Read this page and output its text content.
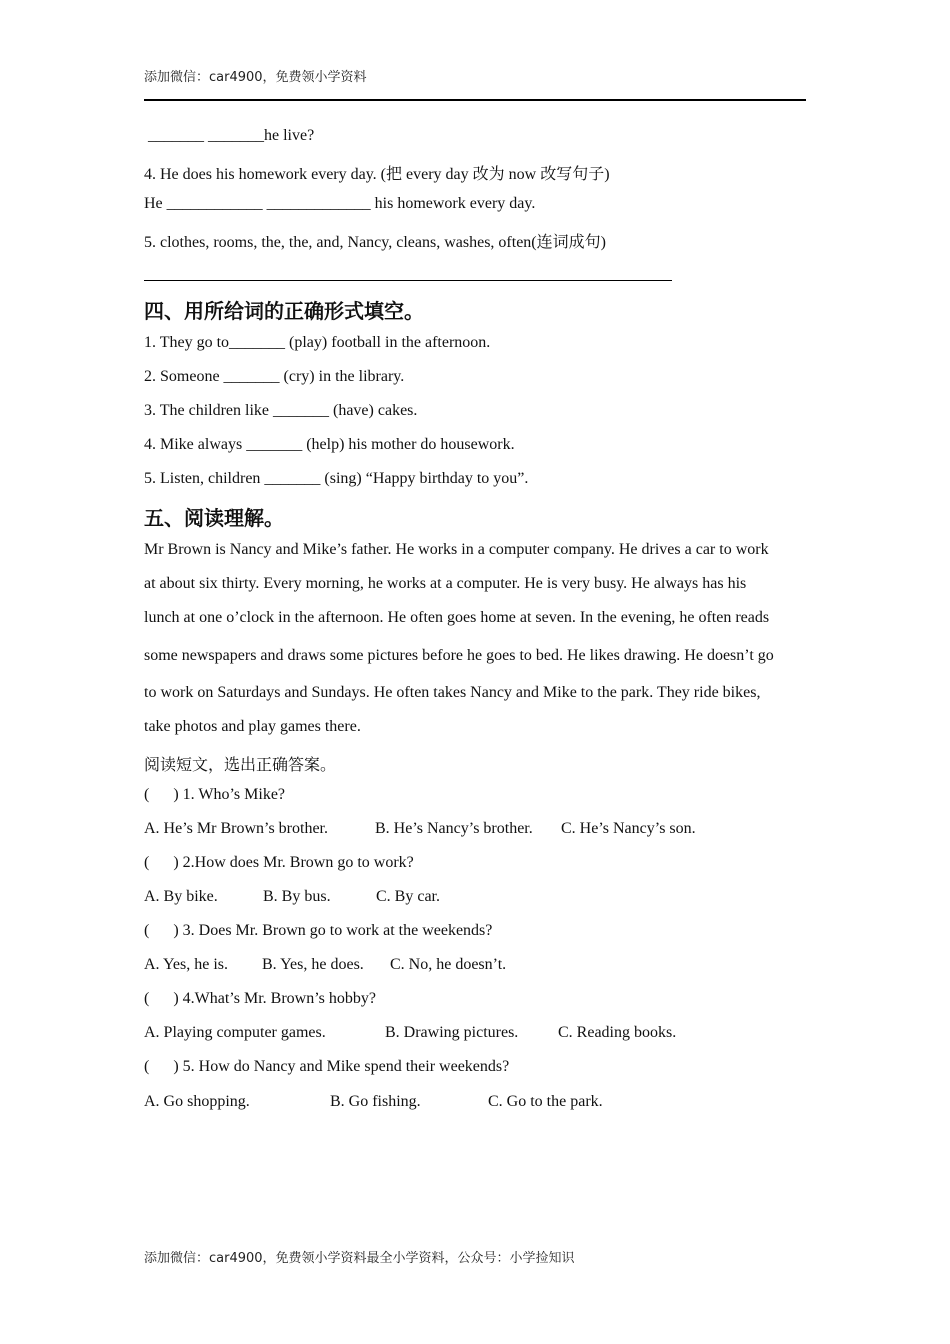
添加微信：car4900，免费领小学资料
_______ _______he live?
4. He does his homework every day. (把 every day 改为 now 改写句子)
He ____________ _____________ his homework every day.
5. clothes, rooms, the, the, and, Nancy, cleans, washes, often(连词成句)
四、用所给词的正确形式填空。
1. They go to_______ (play) football in the afternoon.
2. Someone _______ (cry) in the library.
3. The children like _______ (have) cakes.
4. Mike always _______ (help) his mother do housework.
5. Listen, children _______ (sing) “Happy birthday to you”.
五、阅读理解。
Mr Brown is Nancy and Mike’s father. He works in a computer company. He drives a car to work
at about six thirty. Every morning, he works at a computer. He is very busy. He always has his
lunch at one o’clock in the afternoon. He often goes home at seven. In the evening, he often reads
some newspapers and draws some pictures before he goes to bed. He likes drawing. He doesn’t go
to work on Saturdays and Sundays. He often takes Nancy and Mike to the park. They ride bikes,
take photos and play games there.
阅读短文，选出正确答案。
(      ) 1. Who’s Mike?
A. He’s Mr Brown’s brother.	B. He’s Nancy’s brother. C. He’s Nancy’s son.
(      ) 2.How does Mr. Brown go to work?
A. By bike.	B. By bus.	C. By car.
(      ) 3. Does Mr. Brown go to work at the weekends?
A. Yes, he is. B. Yes, he does. C. No, he doesn’t.
(      ) 4.What’s Mr. Brown’s hobby?
A. Playing computer games.	B. Drawing pictures. C. Reading books.
(      ) 5. How do Nancy and Mike spend their weekends?
A. Go shopping.	B. Go fishing.	C. Go to the park.
添加微信：car4900，免费领小学资料最全小学资料，公众号：小学捡知识
